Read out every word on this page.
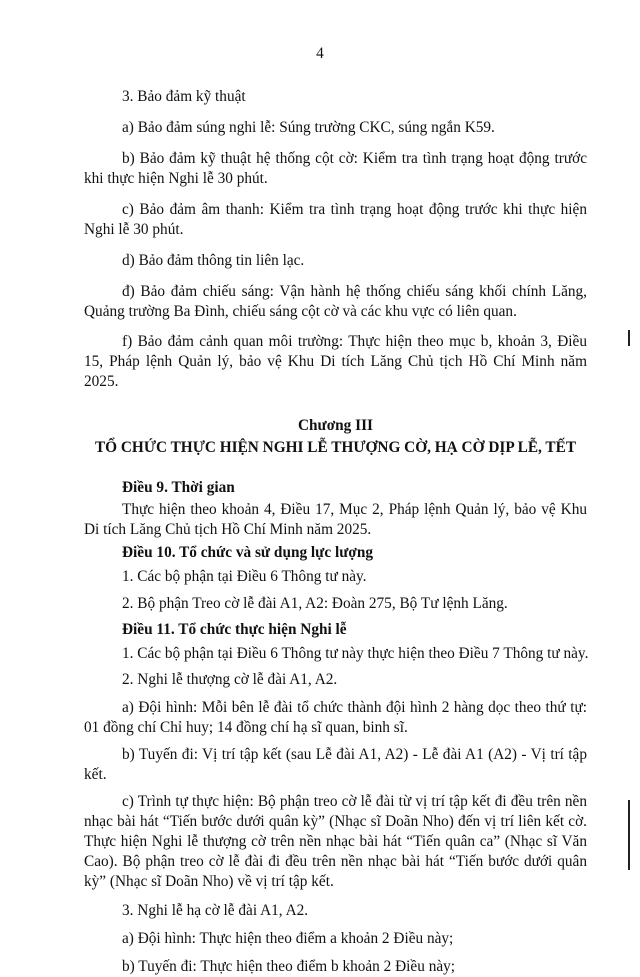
4

3. Bảo đảm kỹ thuật

a) Bảo đảm súng nghi lễ: Súng trường CKC, súng ngắn K59.

b) Bảo đảm kỹ thuật hệ thống cột cờ: Kiểm tra tình trạng hoạt động trước khi thực hiện Nghi lễ 30 phút.

c) Bảo đảm âm thanh: Kiểm tra tình trạng hoạt động trước khi thực hiện Nghi lễ 30 phút.

d) Bảo đảm thông tin liên lạc.

đ) Bảo đảm chiếu sáng: Vận hành hệ thống chiếu sáng khối chính Lăng, Quảng trường Ba Đình, chiếu sáng cột cờ và các khu vực có liên quan.

f) Bảo đảm cảnh quan môi trường: Thực hiện theo mục b, khoản 3, Điều 15, Pháp lệnh Quản lý, bảo vệ Khu Di tích Lăng Chủ tịch Hồ Chí Minh năm 2025.

Chương III

TỔ CHỨC THỰC HIỆN NGHI LỄ THƯỢNG CỜ, HẠ CỜ DỊP LỄ, TẾT

Điều 9. Thời gian

Thực hiện theo khoản 4, Điều 17, Mục 2, Pháp lệnh Quản lý, bảo vệ Khu Di tích Lăng Chủ tịch Hồ Chí Minh năm 2025.

Điều 10. Tổ chức và sử dụng lực lượng

1. Các bộ phận tại Điều 6 Thông tư này.

2. Bộ phận Treo cờ lễ đài A1, A2: Đoàn 275, Bộ Tư lệnh Lăng.

Điều 11. Tổ chức thực hiện Nghi lễ

1. Các bộ phận tại Điều 6 Thông tư này thực hiện theo Điều 7 Thông tư này.

2. Nghi lễ thượng cờ lễ đài A1, A2.

a) Đội hình: Mỗi bên lễ đài tổ chức thành đội hình 2 hàng dọc theo thứ tự: 01 đồng chí Chỉ huy; 14 đồng chí hạ sĩ quan, binh sĩ.

b) Tuyến đi: Vị trí tập kết (sau Lễ đài A1, A2) - Lễ đài A1 (A2) - Vị trí tập kết.

c) Trình tự thực hiện: Bộ phận treo cờ lễ đài từ vị trí tập kết đi đều trên nền nhạc bài hát “Tiến bước dưới quân kỳ” (Nhạc sĩ Doãn Nho) đến vị trí liên kết cờ. Thực hiện Nghi lễ thượng cờ trên nền nhạc bài hát “Tiến quân ca” (Nhạc sĩ Văn Cao). Bộ phận treo cờ lễ đài đi đều trên nền nhạc bài hát “Tiến bước dưới quân kỳ” (Nhạc sĩ Doãn Nho) về vị trí tập kết.

3. Nghi lễ hạ cờ lễ đài A1, A2.

a) Đội hình: Thực hiện theo điểm a khoản 2 Điều này;

b) Tuyến đi: Thực hiện theo điểm b khoản 2 Điều này;
